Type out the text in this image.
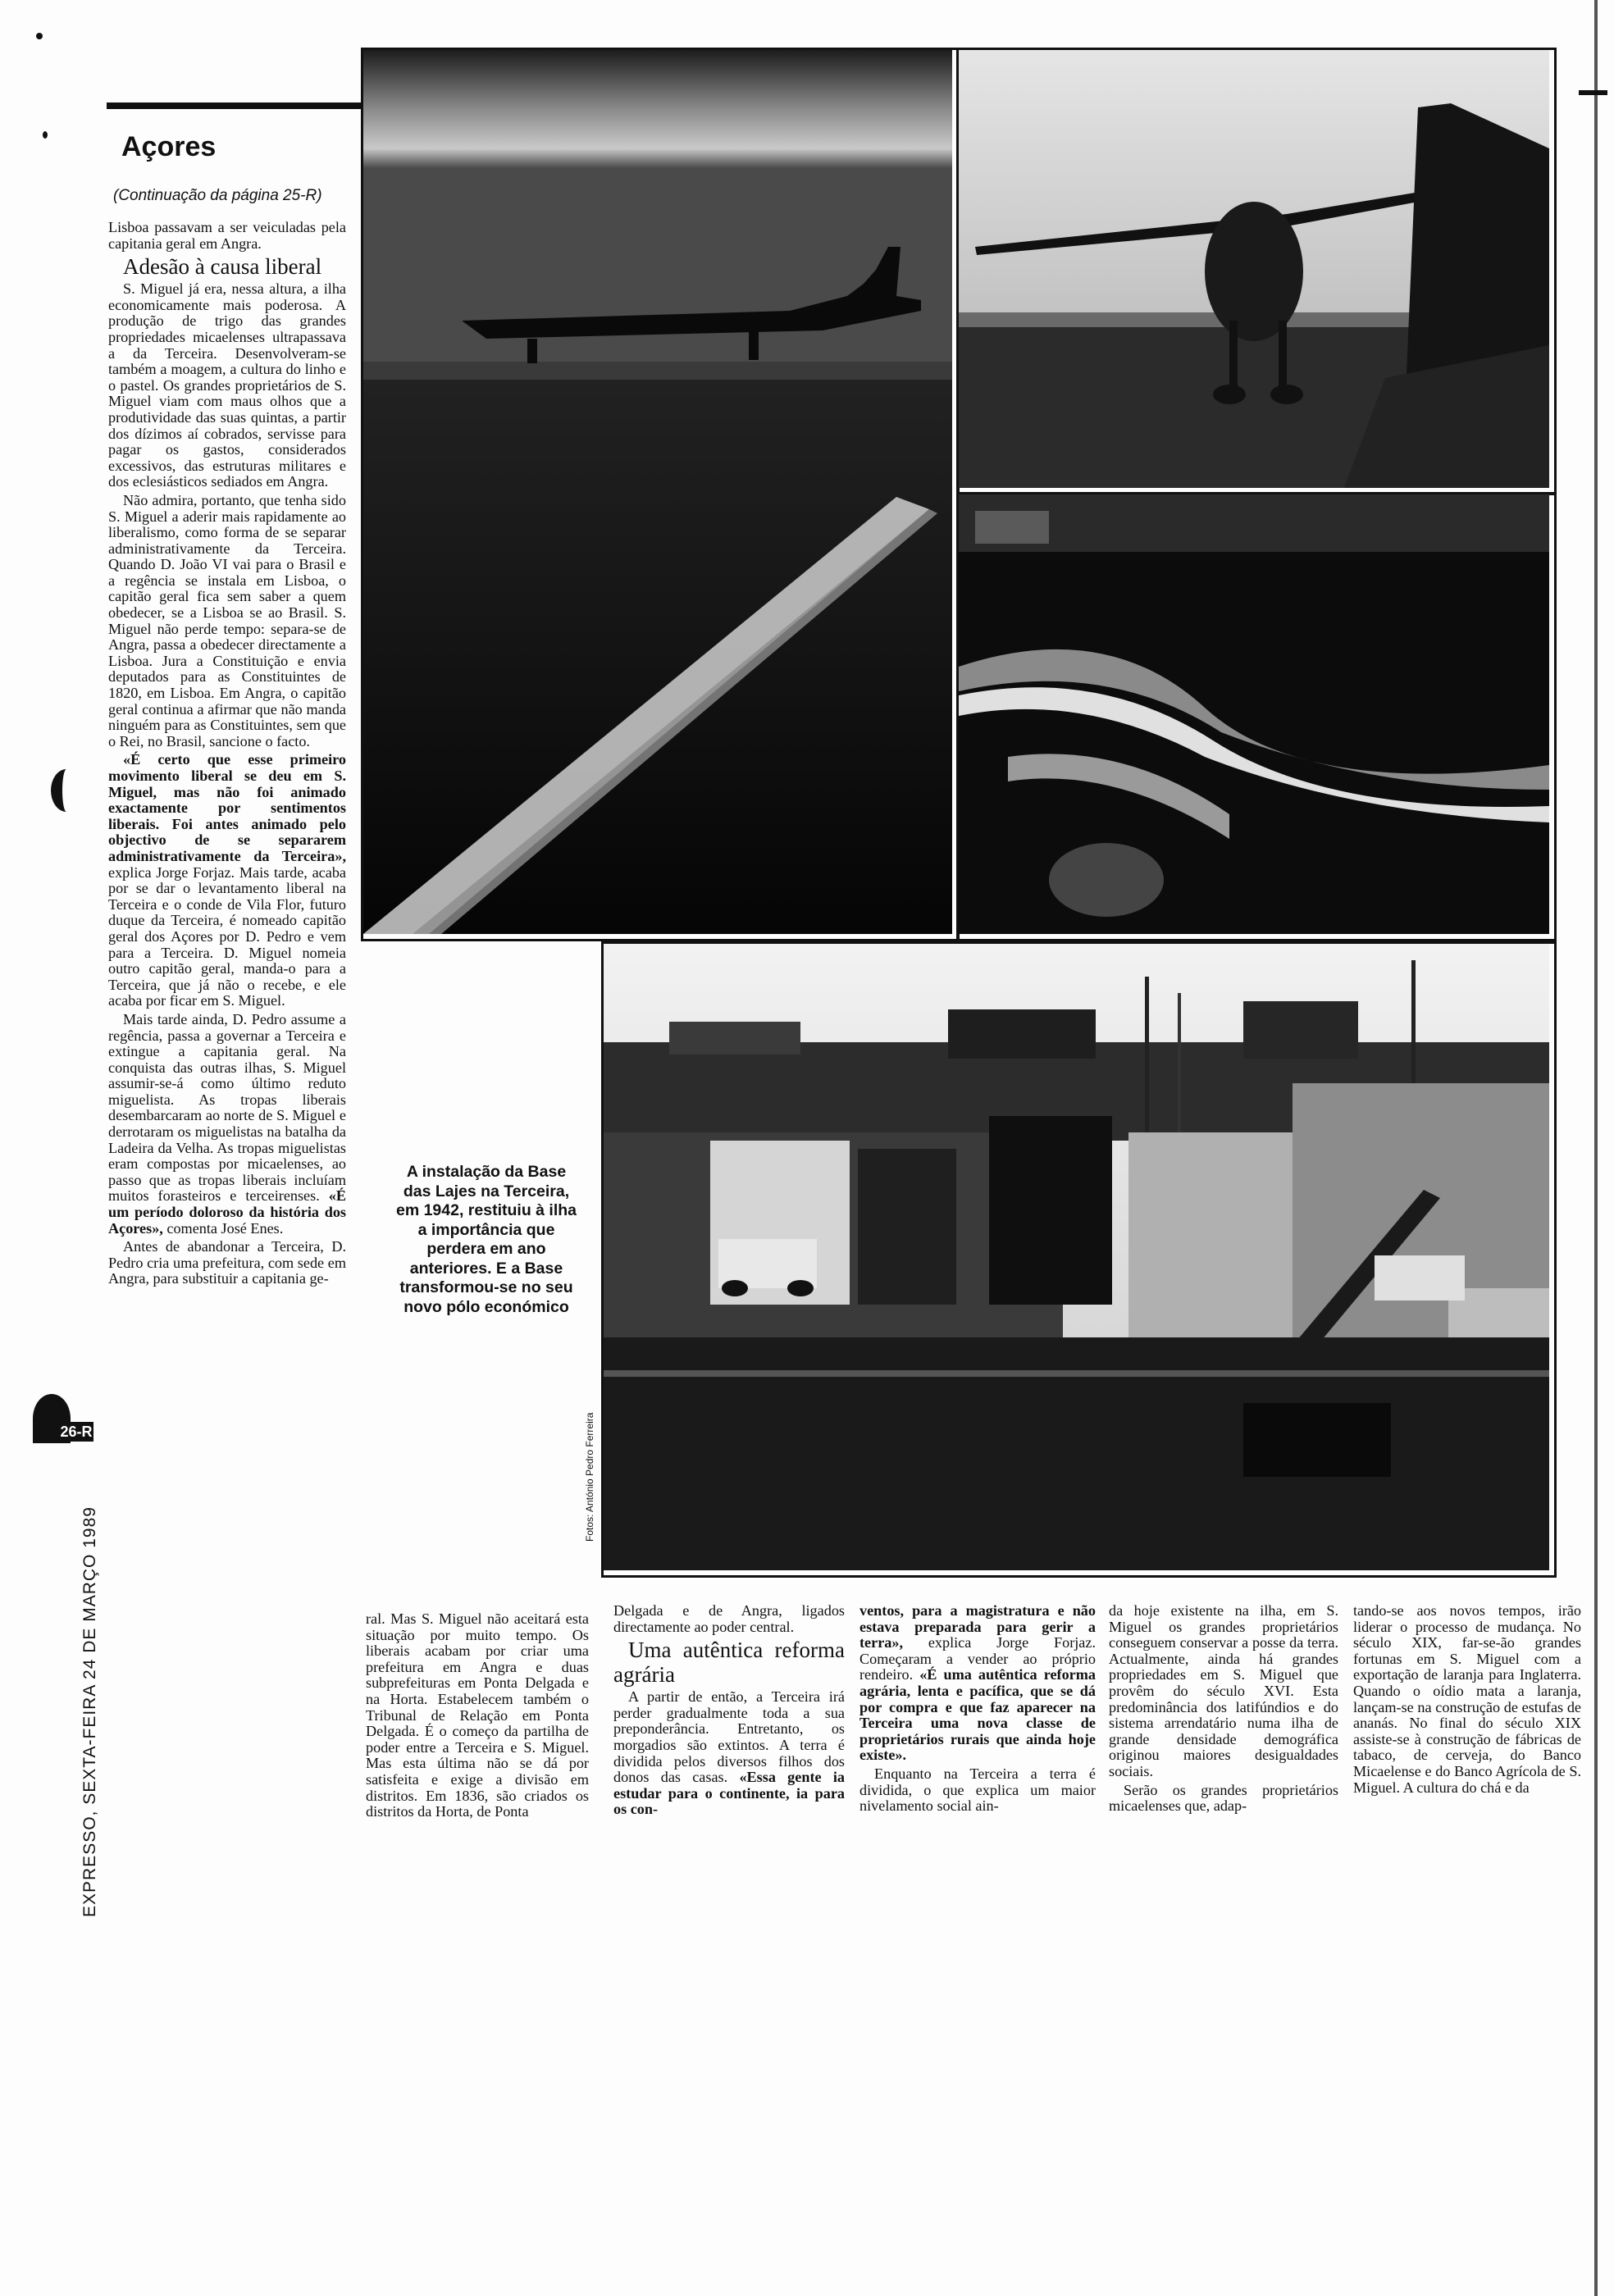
Açores
(Continuação da página 25-R)

Lisboa passavam a ser veiculadas pela capitania geral em Angra.

Adesão à causa liberal

S. Miguel já era, nessa altura, a ilha economicamente mais poderosa. A produção de trigo das grandes propriedades micaelenses ultrapassava a da Terceira. Desenvolveram-se também a moagem, a cultura do linho e o pastel. Os grandes proprietários de S. Miguel viam com maus olhos que a produtividade das suas quintas, a partir dos dízimos aí cobrados, servisse para pagar os gastos, considerados excessivos, das estruturas militares e dos eclesiásticos sediados em Angra.

Não admira, portanto, que tenha sido S. Miguel a aderir mais rapidamente ao liberalismo, como forma de se separar administrativamente da Terceira. Quando D. João VI vai para o Brasil e a regência se instala em Lisboa, o capitão geral fica sem saber a quem obedecer, se a Lisboa se ao Brasil. S. Miguel não perde tempo: separa-se de Angra, passa a obedecer directamente a Lisboa. Jura a Constituição e envia deputados para as Constituintes de 1820, em Lisboa. Em Angra, o capitão geral continua a afirmar que não manda ninguém para as Constituintes, sem que o Rei, no Brasil, sancione o facto.

«É certo que esse primeiro movimento liberal se deu em S. Miguel, mas não foi animado exactamente por sentimentos liberais. Foi antes animado pelo objectivo de se separarem administrativamente da Terceira», explica Jorge Forjaz. Mais tarde, acaba por se dar o levantamento liberal na Terceira e o conde de Vila Flor, futuro duque da Terceira, é nomeado capitão geral dos Açores por D. Pedro e vem para a Terceira. D. Miguel nomeia outro capitão geral, manda-o para a Terceira, que já não o recebe, e ele acaba por ficar em S. Miguel.

Mais tarde ainda, D. Pedro assume a regência, passa a governar a Terceira e extingue a capitania geral. Na conquista das outras ilhas, S. Miguel assumir-se-á como último reduto miguelista. As tropas liberais desembarcaram ao norte de S. Miguel e derrotaram os miguelistas na batalha da Ladeira da Velha. As tropas miguelistas eram compostas por micaelenses, ao passo que as tropas liberais incluíam muitos forasteiros e terceirenses. «É um período doloroso da história dos Açores», comenta José Enes.

Antes de abandonar a Terceira, D. Pedro cria uma prefeitura, com sede em Angra, para substituir a capitania ge-

A instalação da Base das Lajes na Terceira, em 1942, restituiu à ilha a importância que perdera em ano anteriores. E a Base transformou-se no seu novo pólo económico
Fotos: António Pedro Ferreira

ral. Mas S. Miguel não aceitará esta situação por muito tempo. Os liberais acabam por criar uma prefeitura em Angra e duas subprefeituras em Ponta Delgada e na Horta. Estabelecem também o Tribunal de Relação em Ponta Delgada. É o começo da partilha de poder entre a Terceira e S. Miguel. Mas esta última não se dá por satisfeita e exige a divisão em distritos. Em 1836, são criados os distritos da Horta, de Ponta

Delgada e de Angra, ligados directamente ao poder central.

Uma autêntica reforma agrária

A partir de então, a Terceira irá perder gradualmente toda a sua preponderância. Entretanto, os morgadios são extintos. A terra é dividida pelos diversos filhos dos donos das casas. «Essa gente ia estudar para o continente, ia para os con-

ventos, para a magistratura e não estava preparada para gerir a terra», explica Jorge Forjaz. Começaram a vender ao próprio rendeiro. «É uma autêntica reforma agrária, lenta e pacífica, que se dá por compra e que faz aparecer na Terceira uma nova classe de proprietários rurais que ainda hoje existe».

Enquanto na Terceira a terra é dividida, o que explica um maior nivelamento social ain-

da hoje existente na ilha, em S. Miguel os grandes proprietários conseguem conservar a posse da terra. Actualmente, ainda há grandes propriedades em S. Miguel que provêm do século XVI. Esta predominância dos latifúndios e do sistema arrendatário numa ilha de grande densidade demográfica originou maiores desigualdades sociais.

Serão os grandes proprietários micaelenses que, adap-

tando-se aos novos tempos, irão liderar o processo de mudança. No século XIX, far-se-ão grandes fortunas em S. Miguel com a exportação de laranja para Inglaterra. Quando o oídio mata a laranja, lançam-se na construção de estufas de ananás. No final do século XIX assiste-se à construção de fábricas de tabaco, de cerveja, do Banco Micaelense e do Banco Agrícola de S. Miguel. A cultura do chá e da

26-R
EXPRESSO, SEXTA-FEIRA 24 DE MARÇO 1989
